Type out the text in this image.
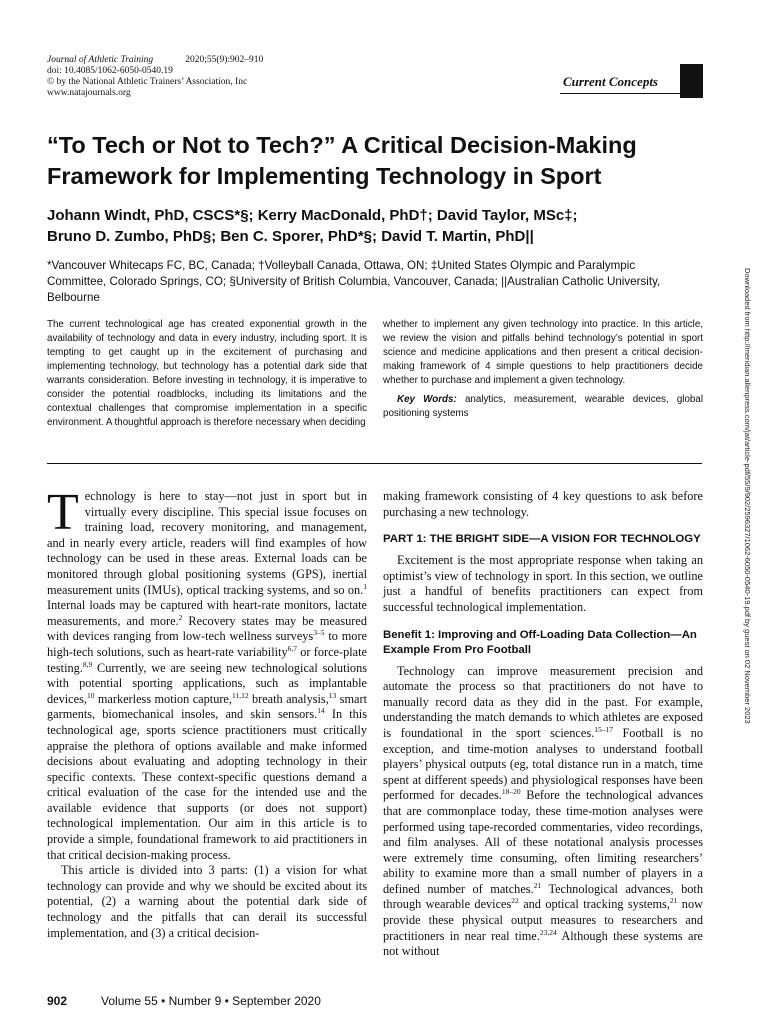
Journal of Athletic Training	2020;55(9):902–910
doi: 10.4085/1062-6050-0540.19
© by the National Athletic Trainers’ Association, Inc
www.natajournals.org
Current Concepts
“To Tech or Not to Tech?” A Critical Decision-Making
Framework for Implementing Technology in Sport
Johann Windt, PhD, CSCS*§; Kerry MacDonald, PhD†; David Taylor, MSc‡;
Bruno D. Zumbo, PhD§; Ben C. Sporer, PhD*§; David T. Martin, PhD||

*Vancouver Whitecaps FC, BC, Canada; †Volleyball Canada, Ottawa, ON; ‡United States Olympic and Paralympic Committee, Colorado Springs, CO; §University of British Columbia, Vancouver, Canada; ||Australian Catholic University, Belbourne

The current technological age has created exponential growth in the availability of technology and data in every industry, including sport. It is tempting to get caught up in the excitement of purchasing and implementing technology, but technology has a potential dark side that warrants consideration. Before investing in technology, it is imperative to consider the potential roadblocks, including its limitations and the contextual challenges that compromise implementation in a specific environment. A thoughtful approach is therefore necessary when deciding
whether to implement any given technology into practice. In this article, we review the vision and pitfalls behind technology’s potential in sport science and medicine applications and then present a critical decision-making framework of 4 simple questions to help practitioners decide whether to purchase and implement a given technology.
Key Words: analytics, measurement, wearable devices, global positioning systems

Technology is here to stay—not just in sport but in virtually every discipline. This special issue focuses on training load, recovery monitoring, and management, and in nearly every article, readers will find examples of how technology can be used in these areas. External loads can be monitored through global positioning systems (GPS), inertial measurement units (IMUs), optical tracking systems, and so on.$^1$ Internal loads may be captured with heart-rate monitors, lactate measurements, and more.$^2$ Recovery states may be measured with devices ranging from low-tech wellness surveys$^{3-5}$ to more high-tech solutions, such as heart-rate variability$^{6,7}$ or force-plate testing.$^{8,9}$ Currently, we are seeing new technological solutions with potential sporting applications, such as implantable devices,$^{10}$ markerless motion capture,$^{11,12}$ breath analysis,$^{13}$ smart garments, biomechanical insoles, and skin sensors.$^{14}$ In this technological age, sports science practitioners must critically appraise the plethora of options available and make informed decisions about evaluating and adopting technology in their specific contexts. These context-specific questions demand a critical evaluation of the case for the intended use and the available evidence that supports (or does not support) technological implementation. Our aim in this article is to provide a simple, foundational framework to aid practitioners in that critical decision-making process.

This article is divided into 3 parts: (1) a vision for what technology can provide and why we should be excited about its potential, (2) a warning about the potential dark side of technology and the pitfalls that can derail its successful implementation, and (3) a critical decision-

making framework consisting of 4 key questions to ask before purchasing a new technology.

PART 1: THE BRIGHT SIDE—A VISION FOR TECHNOLOGY

Excitement is the most appropriate response when taking an optimist’s view of technology in sport. In this section, we outline just a handful of benefits practitioners can expect from successful technological implementation.

Benefit 1: Improving and Off-Loading Data Collection—An Example From Pro Football

Technology can improve measurement precision and automate the process so that practitioners do not have to manually record data as they did in the past. For example, understanding the match demands to which athletes are exposed is foundational in the sport sciences.$^{15-17}$ Football is no exception, and time-motion analyses to understand football players’ physical outputs (eg, total distance run in a match, time spent at different speeds) and physiological responses have been performed for decades.$^{18-20}$ Before the technological advances that are commonplace today, these time-motion analyses were performed using tape-recorded commentaries, video recordings, and film analyses. All of these notational analysis processes were extremely time consuming, often limiting researchers’ ability to examine more than a small number of players in a defined number of matches.$^{21}$ Technological advances, both through wearable devices$^{22}$ and optical tracking systems,$^{21}$ now provide these physical output measures to researchers and practitioners in near real time.$^{23,24}$ Although these systems are not without

Downloaded from http://meridian.allenpress.com/jat/article-pdf/55/9/902/2596327/1062-6050-0540-19.pdf by guest on 02 November 2023
902	Volume 55 • Number 9 • September 2020
